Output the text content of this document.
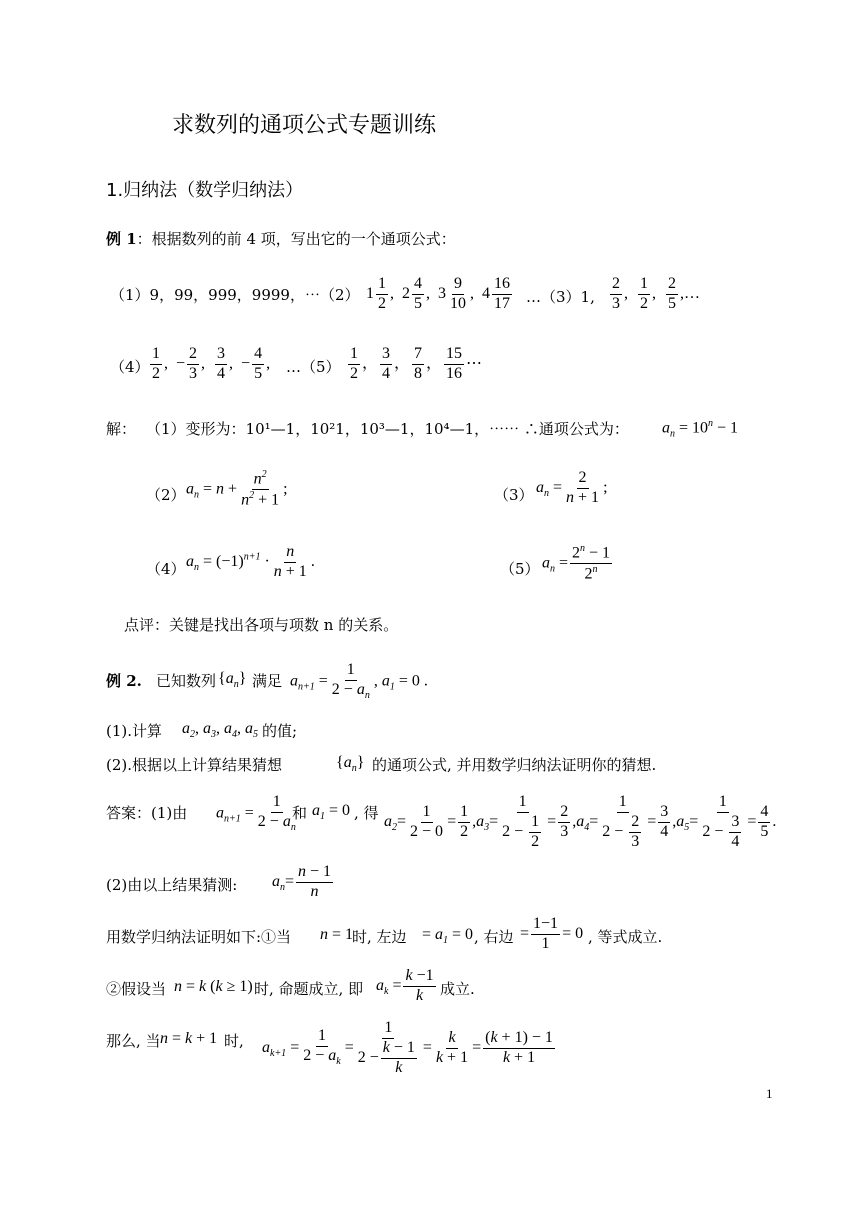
求数列的通项公式专题训练
1.归纳法（数学归纳法）
例 1：根据数列的前 4 项，写出它的一个通项公式：
（1）9，99，999，9999，⋯（2） $1 \frac{1}{2}$ ,  $2 \frac{4}{5}$ ,  $3 \frac{9}{10}$ ,  $4 \frac{16}{17}$ …（3）1, $\frac{2}{3}$ , $\frac{1}{2}$ , $\frac{2}{5}$ ,…
$(4) \frac{1}{2}$ ,  − $\frac{2}{3}$ , $\frac{3}{4}$ ,  − $\frac{4}{5}$ , …（5） $\frac{1}{2}$ ， $\frac{3}{4}$ ， $\frac{7}{8}$ ， $\frac{15}{16}$ ⋯
解： （1）变形为：10¹—1，10²1，10³—1，10⁴—1，⋯⋯ ∴通项公式为： $a_n = 10^n - 1$
（2） $a_n = n + \frac{n^2}{n^2 + 1}$ ;	（3） $a_n = \frac{2}{n + 1}$ ;
（4） $a_n = (-1)^{n+1} \cdot \frac{n}{n + 1}$ .	（5） $a_n = \frac{2^n - 1}{2^n}$
点评：关键是找出各项与项数 n 的关系。
例 2. 已知数列 $\{a_n\}$ 满足 $a_{n+1} = \frac{1}{2 - a_n}$ , $a_1 = 0$ .
(1).计算 $a_2$, $a_3$, $a_4$, $a_5$ 的值;
(2).根据以上计算结果猜想	$\{a_n\}$ 的通项公式, 并用数学归纳法证明你的猜想.
答案：(1)由 $a_{n+1} = \frac{1}{2 - a_n}$
和 $a_1 = 0$ , 得 $a_2= \frac{1}{2 - 0} = \frac{1}{2} ,a_3= \frac{1}{2 - \frac{1}{2}} = \frac{2}{3} ,a_4= \frac{1}{2 - \frac{2}{3}} = \frac{3}{4} ,a_5= \frac{1}{2 - \frac{3}{4}} = \frac{4}{5}$ .
(2)由以上结果猜测: $a_n= \frac{n - 1}{n}$
用数学归纳法证明如下:①当 n = 1
时, 左边 = $a_1 = 0$ , 右边 = $\frac{1-1}{1} = 0$ , 等式成立.
②假设当 n = k (k ≥ 1) 时, 命题成立, 即 $a_k = \frac{k -1}{k}$ 成立.
那么, 当 n = k + 1 时, $a_{k+1} = \frac{1}{2 - a_k} = \frac{1}{2 - \frac{k - 1}{k}} = \frac{k}{k + 1} = \frac{(k + 1) - 1}{k + 1}$
1
